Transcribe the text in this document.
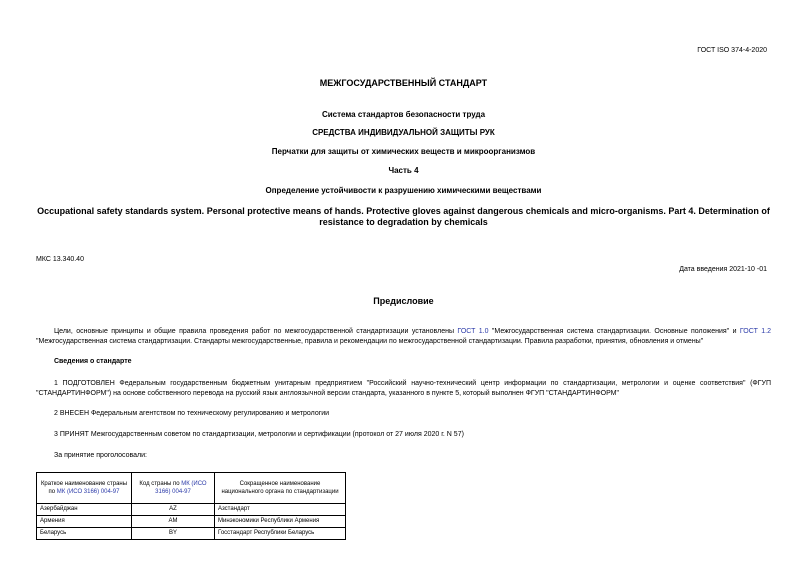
ГОСТ ISO 374-4-2020
МЕЖГОСУДАРСТВЕННЫЙ СТАНДАРТ
Система стандартов безопасности труда
СРЕДСТВА ИНДИВИДУАЛЬНОЙ ЗАЩИТЫ РУК
Перчатки для защиты от химических веществ и микроорганизмов
Часть 4
Определение устойчивости к разрушению химическими веществами
Occupational safety standards system. Personal protective means of hands. Protective gloves against dangerous chemicals and micro-organisms. Part 4. Determination of resistance to degradation by chemicals
МКС 13.340.40
Дата введения 2021-10 -01
Предисловие
Цели, основные принципы и общие правила проведения работ по межгосударственной стандартизации установлены ГОСТ 1.0 "Межгосударственная система стандартизации. Основные положения" и ГОСТ 1.2 "Межгосударственная система стандартизации. Стандарты межгосударственные, правила и рекомендации по межгосударственной стандартизации. Правила разработки, принятия, обновления и отмены"
Сведения о стандарте
1 ПОДГОТОВЛЕН Федеральным государственным бюджетным унитарным предприятием "Российский научно-технический центр информации по стандартизации, метрологии и оценке соответствия" (ФГУП "СТАНДАРТИНФОРМ") на основе собственного перевода на русский язык англоязычной версии стандарта, указанного в пункте 5, который выполнен ФГУП "СТАНДАРТИНФОРМ"
2 ВНЕСЕН Федеральным агентством по техническому регулированию и метрологии
3 ПРИНЯТ Межгосударственным советом по стандартизации, метрологии и сертификации (протокол от 27 июля 2020 г. N 57)
За принятие проголосовали:
Краткое наименование страны по МК (ИСО 3166) 004-97	Код страны по МК (ИСО 3166) 004-97	Сокращенное наименование национального органа по стандартизации
Азербайджан	AZ	Азстандарт
Армения	AM	Минэкономики Республики Армения
Беларусь	BY	Госстандарт Республики Беларусь
